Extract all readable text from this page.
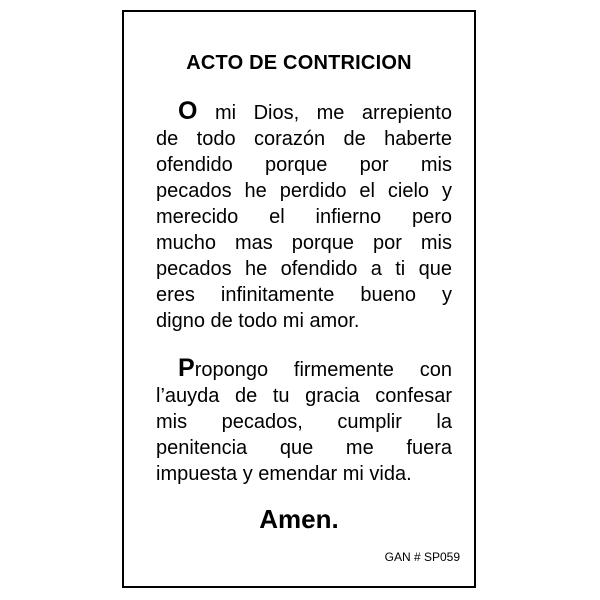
ACTO DE CONTRICION
O mi Dios, me arrepiento
de todo corazón de haberte
ofendido porque por mis
pecados he perdido el cielo y
merecido el infierno pero
mucho mas porque por mis
pecados he ofendido a ti que
eres infinitamente bueno y
digno de todo mi amor.
Propongo firmemente con
l’auyda de tu gracia confesar
mis pecados, cumplir la
penitencia que me fuera
impuesta y emendar mi vida.
Amen.
GAN # SP059
